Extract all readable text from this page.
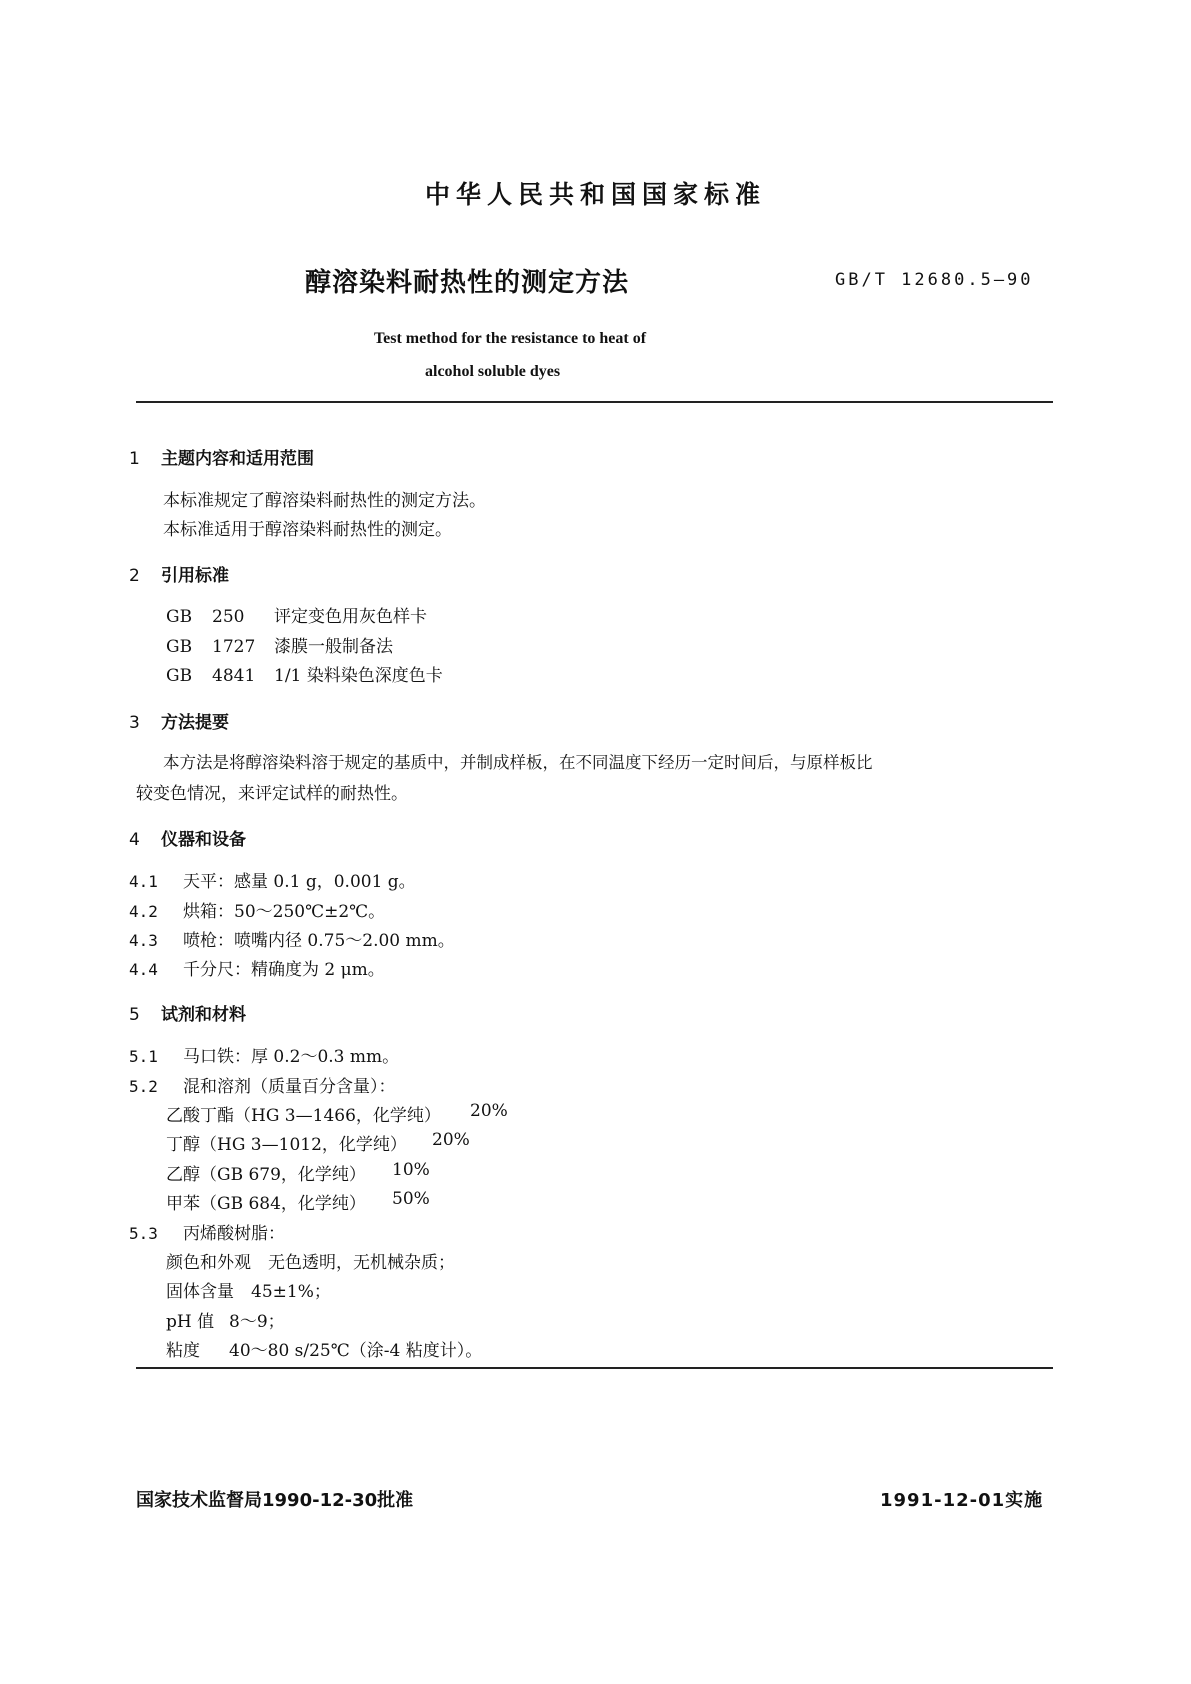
中华人民共和国国家标准
醇溶染料耐热性的测定方法	GB/T 12680.5—90
Test method for the resistance to heat of
alcohol soluble dyes
1 主题内容和适用范围
本标准规定了醇溶染料耐热性的测定方法。
本标准适用于醇溶染料耐热性的测定。
2 引用标准
GB 250 评定变色用灰色样卡
GB 1727 漆膜一般制备法
GB 4841 1/1 染料染色深度色卡
3 方法提要
本方法是将醇溶染料溶于规定的基质中，并制成样板，在不同温度下经历一定时间后，与原样板比
较变色情况，来评定试样的耐热性。
4 仪器和设备
4.1 天平：感量 0.1 g，0.001 g。
4.2 烘箱：50～250℃±2℃。
4.3 喷枪：喷嘴内径 0.75～2.00 mm。
4.4 千分尺：精确度为 2 μm。
5 试剂和材料
5.1 马口铁：厚 0.2～0.3 mm。
5.2 混和溶剂（质量百分含量）：
乙酸丁酯（HG 3—1466，化学纯） 20%
丁醇（HG 3—1012，化学纯） 20%
乙醇（GB 679，化学纯） 10%
甲苯（GB 684，化学纯） 50%
5.3 丙烯酸树脂：
颜色和外观 无色透明，无机械杂质；
固体含量 45±1%；
pH 值 8～9；
粘度 40～80 s/25℃（涂-4 粘度计）。
国家技术监督局1990-12-30批准	1991-12-01实施
